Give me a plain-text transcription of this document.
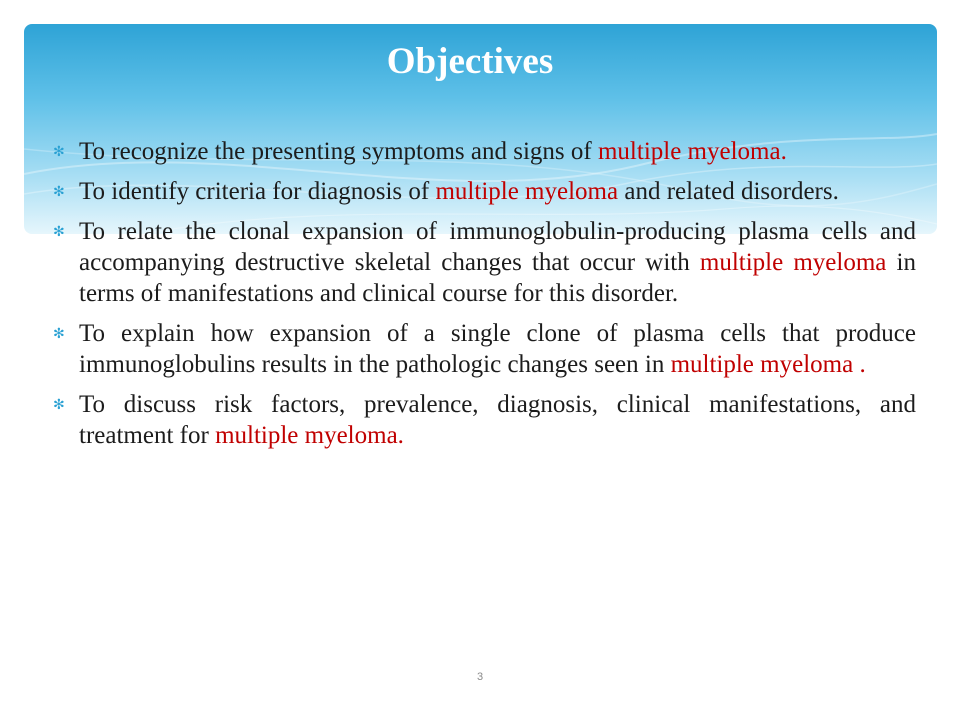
Objectives
✻ To recognize the presenting symptoms and signs of multiple myeloma.
✻ To identify criteria for diagnosis of multiple myeloma and related disorders.
✻ To relate the clonal expansion of immunoglobulin-producing plasma cells and accompanying destructive skeletal changes that occur with multiple myeloma in terms of manifestations and clinical course for this disorder.
✻ To explain how expansion of a single clone of plasma cells that produce immunoglobulins results in the pathologic changes seen in multiple myeloma .
✻ To discuss risk factors, prevalence, diagnosis, clinical manifestations, and treatment for multiple myeloma.
3
